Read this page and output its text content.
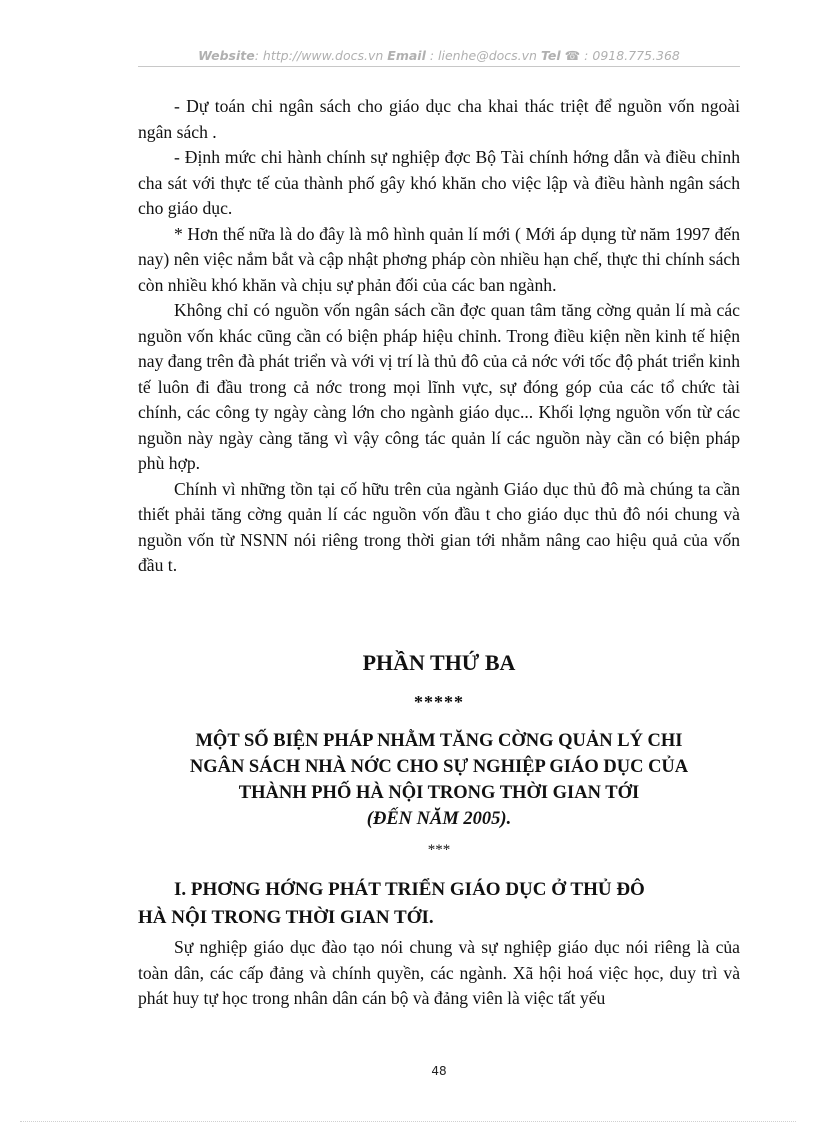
Website: http://www.docs.vn Email : lienhe@docs.vn Tel ☎ : 0918.775.368

- Dự toán chi ngân sách cho giáo dục cha khai thác triệt để nguồn vốn ngoài ngân sách .

- Định mức chi hành chính sự nghiệp đợc Bộ Tài chính hớng dẫn và điều chỉnh cha sát với thực tế của thành phố gây khó khăn cho việc lập và điều hành ngân sách cho giáo dục.

* Hơn thế nữa là do đây là mô hình quản lí mới ( Mới áp dụng từ năm 1997 đến nay) nên việc nắm bắt và cập nhật phơng pháp còn nhiều hạn chế, thực thi chính sách còn nhiều khó khăn và chịu sự phản đối của các ban ngành.

Không chỉ có nguồn vốn ngân sách cần đợc quan tâm tăng cờng quản lí mà các nguồn vốn khác cũng cần có biện pháp hiệu chỉnh. Trong điều kiện nền kinh tế hiện nay đang trên đà phát triển và với vị trí là thủ đô của cả nớc với tốc độ phát triển kinh tế luôn đi đầu trong cả nớc trong mọi lĩnh vực, sự đóng góp của các tổ chức tài chính, các công ty ngày càng lớn cho ngành giáo dục... Khối lợng nguồn vốn từ các nguồn này ngày càng tăng vì vậy công tác quản lí các nguồn này cần có biện pháp phù hợp.

Chính vì những tồn tại cố hữu trên của ngành Giáo dục thủ đô mà chúng ta cần thiết phải tăng cờng quản lí các nguồn vốn đầu t cho giáo dục thủ đô nói chung và nguồn vốn từ NSNN nói riêng trong thời gian tới nhằm nâng cao hiệu quả của vốn đầu t.

PHẦN THỨ BA
*****
MỘT SỐ BIỆN PHÁP NHẰM TĂNG CỜNG QUẢN LÝ CHI
NGÂN SÁCH NHÀ NỚC CHO SỰ NGHIỆP GIÁO DỤC CỦA
THÀNH PHỐ HÀ NỘI TRONG THỜI GIAN TỚI
(ĐẾN NĂM 2005).
***
I. PHƠNG HỚNG PHÁT TRIỂN GIÁO DỤC Ở THỦ ĐÔ
HÀ NỘI TRONG THỜI GIAN TỚI.

Sự nghiệp giáo dục đào tạo nói chung và sự nghiệp giáo dục nói riêng là của toàn dân, các cấp đảng và chính quyền, các ngành. Xã hội hoá việc học, duy trì và phát huy tự học trong nhân dân cán bộ và đảng viên là việc tất yếu

48
